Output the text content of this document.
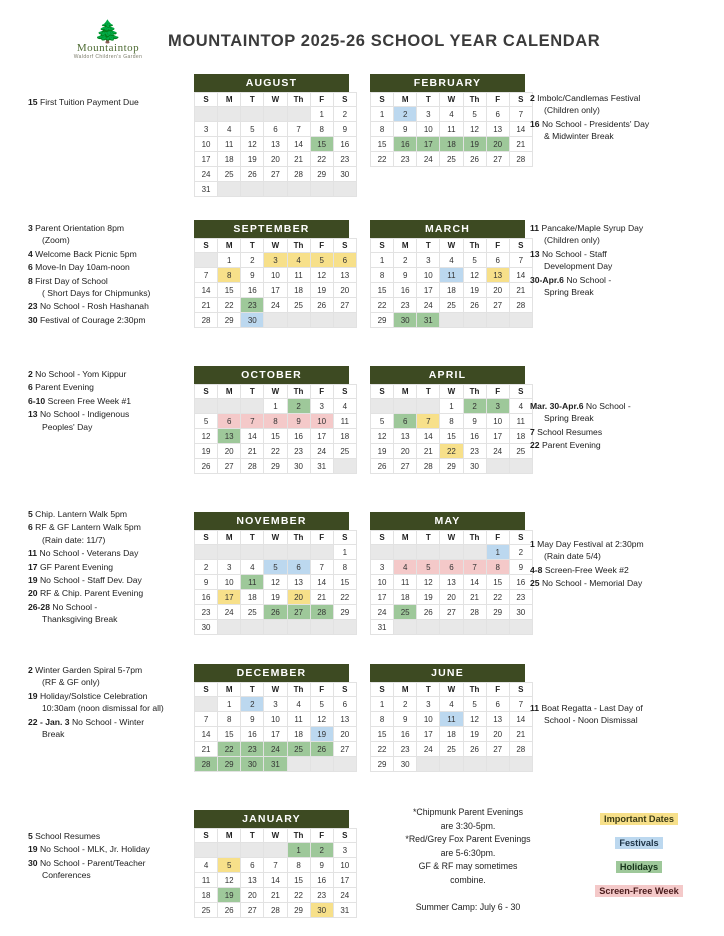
🌲
Mountaintop
Waldorf Children's Garden
MOUNTAINTOP 2025-26 SCHOOL YEAR CALENDAR
AUGUST
S	M	T	W	Th	F	S
					1	2
3	4	5	6	7	8	9
10	11	12	13	14	15	16
17	18	19	20	21	22	23
24	25	26	27	28	29	30
31						
FEBRUARY
S	M	T	W	Th	F	S
1	2	3	4	5	6	7
8	9	10	11	12	13	14
15	16	17	18	19	20	21
22	23	24	25	26	27	28
SEPTEMBER
S	M	T	W	Th	F	S
	1	2	3	4	5	6
7	8	9	10	11	12	13
14	15	16	17	18	19	20
21	22	23	24	25	26	27
28	29	30				
MARCH
S	M	T	W	Th	F	S
1	2	3	4	5	6	7
8	9	10	11	12	13	14
15	16	17	18	19	20	21
22	23	24	25	26	27	28
29	30	31				
OCTOBER
S	M	T	W	Th	F	S
			1	2	3	4
5	6	7	8	9	10	11
12	13	14	15	16	17	18
19	20	21	22	23	24	25
26	27	28	29	30	31	
APRIL
S	M	T	W	Th	F	S
			1	2	3	4
5	6	7	8	9	10	11
12	13	14	15	16	17	18
19	20	21	22	23	24	25
26	27	28	29	30		
NOVEMBER
S	M	T	W	Th	F	S
						1
2	3	4	5	6	7	8
9	10	11	12	13	14	15
16	17	18	19	20	21	22
23	24	25	26	27	28	29
30						
MAY
S	M	T	W	Th	F	S
					1	2
3	4	5	6	7	8	9
10	11	12	13	14	15	16
17	18	19	20	21	22	23
24	25	26	27	28	29	30
31						
DECEMBER
S	M	T	W	Th	F	S
	1	2	3	4	5	6
7	8	9	10	11	12	13
14	15	16	17	18	19	20
21	22	23	24	25	26	27
28	29	30	31			
JUNE
S	M	T	W	Th	F	S
1	2	3	4	5	6	7
8	9	10	11	12	13	14
15	16	17	18	19	20	21
22	23	24	25	26	27	28
29	30					
JANUARY
S	M	T	W	Th	F	S
				1	2	3
4	5	6	7	8	9	10
11	12	13	14	15	16	17
18	19	20	21	22	23	24
25	26	27	28	29	30	31
15 First Tuition Payment Due	2 Imbolc/Candlemas Festival
(Children only)
16 No School - Presidents' Day
& Midwinter Break
3 Parent Orientation 8pm
(Zoom)
4 Welcome Back Picnic 5pm
6 Move-In Day 10am-noon
8 First Day of School
( Short Days for Chipmunks)
23 No School - Rosh Hashanah
30 Festival of Courage 2:30pm
11 Pancake/Maple Syrup Day
(Children only)
13 No School - Staff
Development Day
30-Apr.6 No School -
Spring Break
2 No School - Yom Kippur
6 Parent Evening
6-10 Screen Free Week #1
13 No School - Indigenous
Peoples' Day
Mar. 30-Apr.6 No School -
Spring Break
7 School Resumes
22 Parent Evening
5 Chip. Lantern Walk 5pm
6 RF & GF Lantern Walk 5pm
(Rain date: 11/7)
11 No School - Veterans Day
17 GF Parent Evening
19 No School - Staff Dev. Day
20 RF & Chip. Parent Evening
26-28 No School -
Thanksgiving Break
1 May Day Festival at 2:30pm
(Rain date 5/4)
4-8 Screen-Free Week #2
25 No School - Memorial Day
2 Winter Garden Spiral 5-7pm
(RF & GF only)
19 Holiday/Solstice Celebration
10:30am (noon dismissal for all)
22 - Jan. 3 No School - Winter
Break
11 Boat Regatta - Last Day of
School - Noon Dismissal
5 School Resumes
19 No School - MLK, Jr. Holiday
30 No School - Parent/Teacher
Conferences
*Chipmunk Parent Evenings
are 3:30-5pm.
*Red/Grey Fox Parent Evenings
are 5-6:30pm.
GF & RF may sometimes
combine.

Summer Camp: July 6 - 30
Important Dates
Festivals
Holidays
Screen-Free Week
